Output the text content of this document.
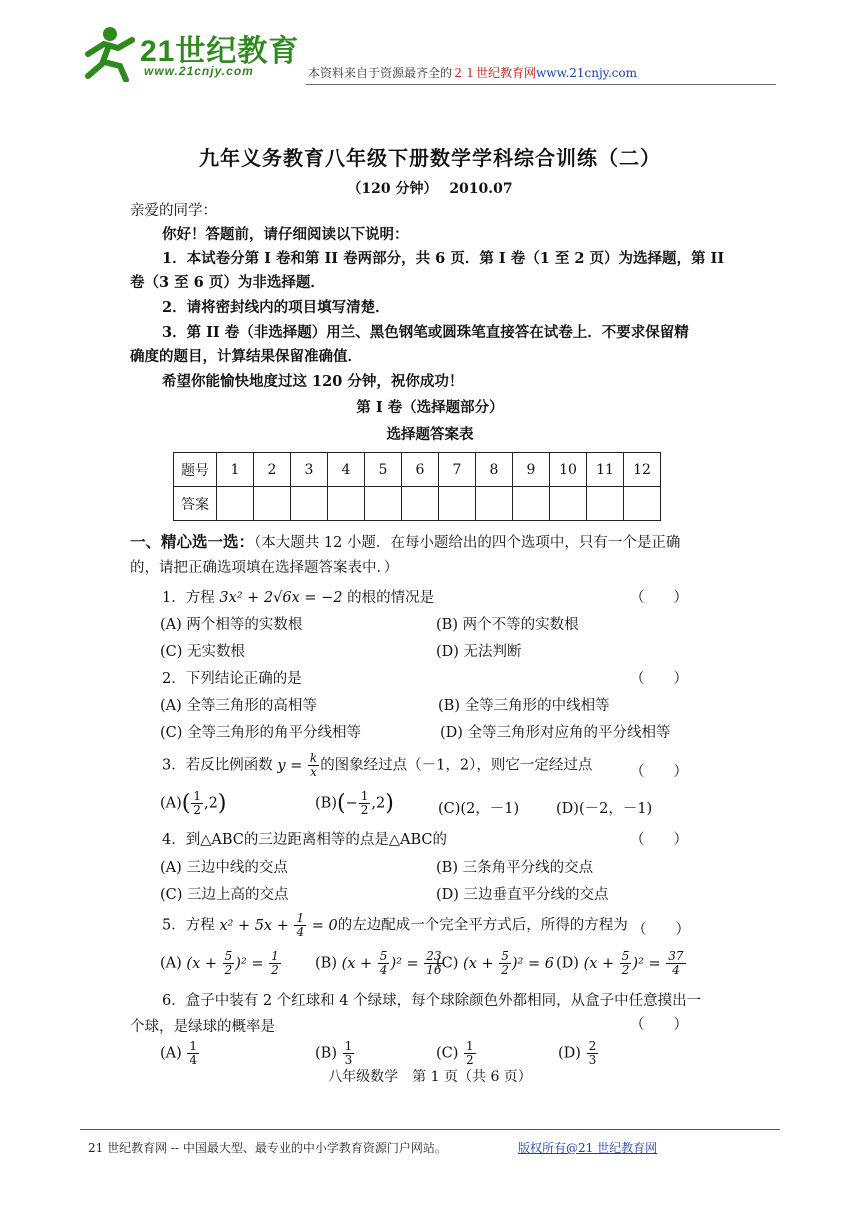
21世纪教育
www.21cnjy.com	本资料来自于资源最齐全的２１世纪教育网www.21cnjy.com
九年义务教育八年级下册数学学科综合训练（二）
（120 分钟）　 2010.07
亲爱的同学：
你好！答题前，请仔细阅读以下说明：
1．本试卷分第 I 卷和第 II 卷两部分，共 6 页．第 I 卷（1 至 2 页）为选择题，第 II
卷（3 至 6 页）为非选择题．
2．请将密封线内的项目填写清楚．
3．第 II 卷（非选择题）用兰、黑色钢笔或圆珠笔直接答在试卷上．不要求保留精
确度的题目，计算结果保留准确值．
希望你能愉快地度过这 120 分钟，祝你成功！
第 I 卷（选择题部分）
选择题答案表
题号	1	2	3	4	5	6	7	8	9	10	11	12
答案												
一、精心选一选：（本大题共 12 小题．在每小题给出的四个选项中，只有一个是正确
的，请把正确选项填在选择题答案表中．）
1．方程 3x² + 2√6x = −2 的根的情况是	（　　）
(A) 两个相等的实数根	(B) 两个不等的实数根
(C) 无实数根	(D) 无法判断
2．下列结论正确的是	（　　）
(A) 全等三角形的高相等	(B) 全等三角形的中线相等
(C) 全等三角形的角平分线相等	(D) 全等三角形对应角的平分线相等
3．若反比例函数 $y = \frac{k}{x}$ 的图象经过点（－1，2），则它一定经过点	（　　）
$(A)( \frac{1}{2} ,2)$	$(B)(- \frac{1}{2} ,2)$	(C)(2，－1)	(D)(－2，－1)
4．到△ABC的三边距离相等的点是△ABC的	（　　）
(A) 三边中线的交点	(B) 三条角平分线的交点
(C) 三边上高的交点	(D) 三边垂直平分线的交点
5．方程 $x^2 + 5x + \frac{1}{4} = 0$的左边配成一个完全平方式后，所得的方程为 （　　）
(A) $(x + \frac{5}{2} )^2 = \frac{1}{2} (B)$ $(x + \frac{5}{4} )^2 = \frac{23}{16}$
(C) $(x + \frac{5}{2} )^2 = 6$ (D) $(x + \frac{5}{2} )^2 = \frac{37}{4}$
6．盒子中装有 2 个红球和 4 个绿球，每个球除颜色外都相同，从盒子中任意摸出一
个球，是绿球的概率是	（　　）
$(A) \frac{1}{4}$	$(B) \frac{1}{3}$	$(C) \frac{1}{2}$	$(D) \frac{2}{3}$
八年级数学　第 1 页（共 6 页）
21 世纪教育网 -- 中国最大型、最专业的中小学教育资源门户网站。	版权所有@21 世纪教育网
